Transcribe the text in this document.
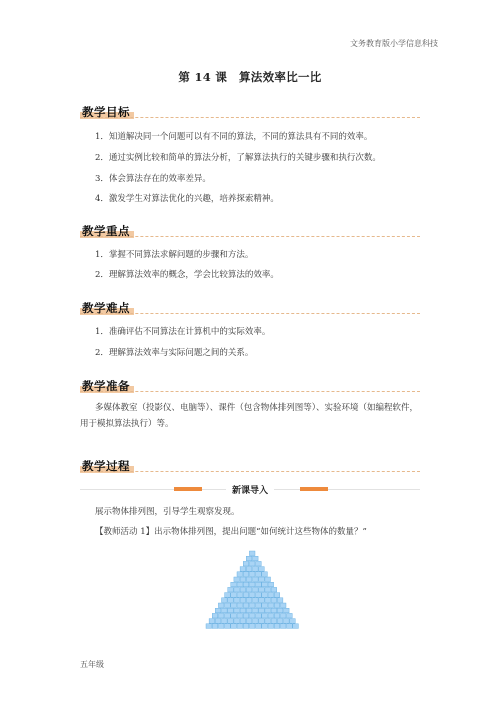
文务教育版小学信息科技
第 14 课　算法效率比一比
教学目标
1．知道解决同一个问题可以有不同的算法，不同的算法具有不同的效率。
2．通过实例比较和简单的算法分析，了解算法执行的关键步骤和执行次数。
3．体会算法存在的效率差异。
4．激发学生对算法优化的兴趣，培养探索精神。
教学重点
1．掌握不同算法求解问题的步骤和方法。
2．理解算法效率的概念，学会比较算法的效率。
教学难点
1．准确评估不同算法在计算机中的实际效率。
2．理解算法效率与实际问题之间的关系。
教学准备
多媒体教室（投影仪、电脑等）、课件（包含物体排列图等）、实验环境（如编程软件，用于模拟算法执行）等。
教学过程
新课导入
展示物体排列图，引导学生观察发现。
【教师活动 1】出示物体排列图，提出问题“如何统计这些物体的数量？”
五年级
